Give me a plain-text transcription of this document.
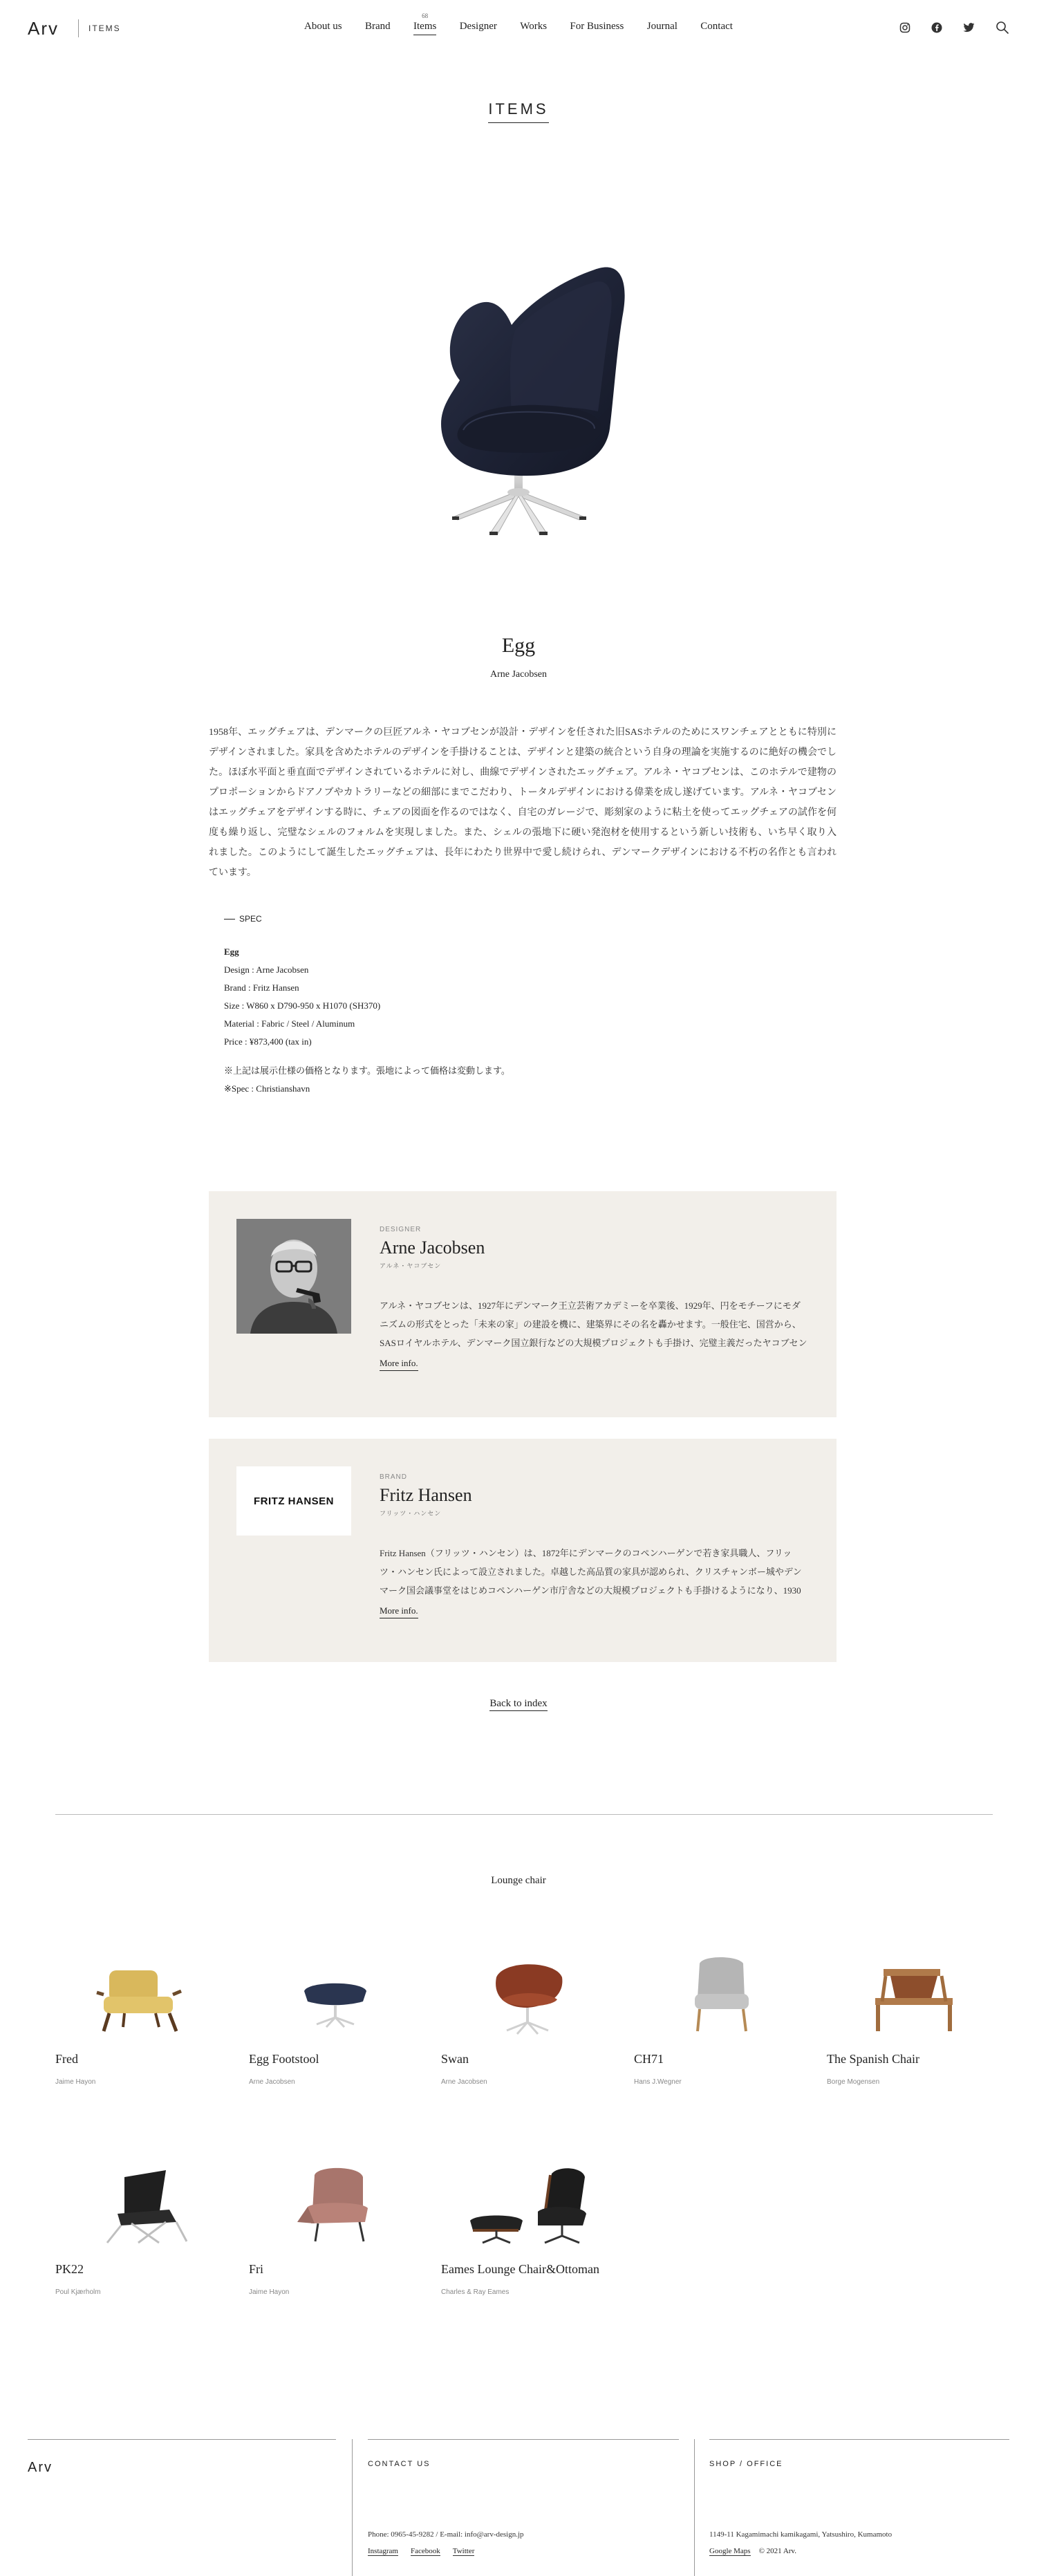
Arv	ITEMS	About us Brand
68
Items Designer Works For Business Journal Contact
ITEMS
Egg
Arne Jacobsen

1958年、エッグチェアは、デンマークの巨匠アルネ・ヤコブセンが設計・デザインを任された旧SASホテルのためにスワンチェアとともに特別にデザインされました。家具を含めたホテルのデザインを手掛けることは、デザインと建築の統合という自身の理論を実施するのに絶好の機会でした。ほぼ水平面と垂直面でデザインされているホテルに対し、曲線でデザインされたエッグチェア。アルネ・ヤコブセンは、このホテルで建物のプロポーションからドアノブやカトラリーなどの細部にまでこだわり、トータルデザインにおける偉業を成し遂げています。アルネ・ヤコブセンはエッグチェアをデザインする時に、チェアの図面を作るのではなく、自宅のガレージで、彫刻家のように粘土を使ってエッグチェアの試作を何度も繰り返し、完璧なシェルのフォルムを実現しました。また、シェルの張地下に硬い発泡材を使用するという新しい技術も、いち早く取り入れました。このようにして誕生したエッグチェアは、長年にわたり世界中で愛し続けられ、デンマークデザインにおける不朽の名作とも言われています。

SPEC
Egg
Design : Arne Jacobsen
Brand : Fritz Hansen
Size : W860 x D790-950 x H1070 (SH370)
Material : Fabric / Steel / Aluminum
Price : ¥873,400 (tax in)
※上記は展示仕様の価格となります。張地によって価格は変動します。
※Spec : Christianshavn
DESIGNER
Arne Jacobsen
アルネ・ヤコブセン
アルネ・ヤコブセンは、1927年にデンマーク王立芸術アカデミーを卒業後、1929年、円をモチーフにモダニズムの形式をとった「未来の家」の建設を機に、建築界にその名を轟かせます。一般住宅、国営から、SASロイヤルホテル、デンマーク国立銀行などの大規模プロジェクトも手掛け、完璧主義だったヤコブセン
More info.
FRITZ HANSEN
BRAND
Fritz Hansen
フリッツ・ハンセン
Fritz Hansen（フリッツ・ハンセン）は、1872年にデンマークのコペンハーゲンで若き家具職人、フリッツ・ハンセン氏によって設立されました。卓越した高品質の家具が認められ、クリスチャンボー城やデンマーク国会議事堂をはじめコペンハーゲン市庁舎などの大規模プロジェクトも手掛けるようになり、1930
More info.
Back to index
Lounge chair
Fred
Jaime Hayon
Egg Footstool
Arne Jacobsen
Swan
Arne Jacobsen
CH71
Hans J.Wegner
The Spanish Chair
Borge Mogensen
PK22
Poul Kjærholm
Fri
Jaime Hayon
Eames Lounge Chair&Ottoman
Charles & Ray Eames
Arv	CONTACT US
Phone: 0965-45-9282 / E-mail: info@arv-design.jp
Instagram Facebook Twitter
SHOP / OFFICE
1149-11 Kagamimachi kamikagami, Yatsushiro, Kumamoto
Google Maps © 2021 Arv.
